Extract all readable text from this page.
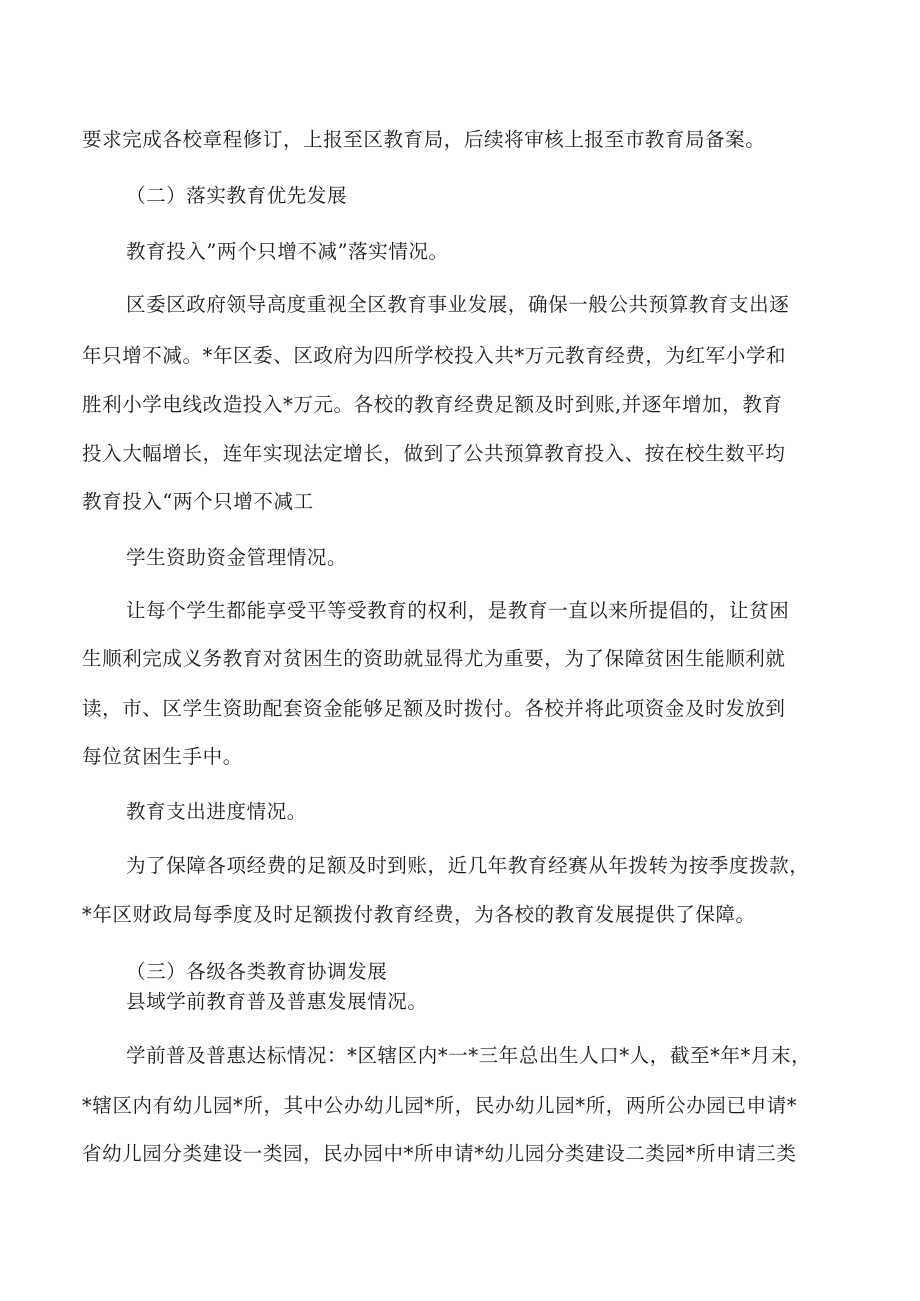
要求完成各校章程修订，上报至区教育局，后续将审核上报至市教育局备案。
（二）落实教育优先发展
教育投入”两个只增不减”落实情况。
区委区政府领导高度重视全区教育事业发展，确保一般公共预算教育支出逐
年只增不减。*年区委、区政府为四所学校投入共*万元教育经费，为红军小学和
胜利小学电线改造投入*万元。各校的教育经费足额及时到账,并逐年增加，教育
投入大幅增长，连年实现法定增长，做到了公共预算教育投入、按在校生数平均
教育投入“两个只增不减工
学生资助资金管理情况。
让每个学生都能享受平等受教育的权利，是教育一直以来所提倡的，让贫困
生顺利完成义务教育对贫困生的资助就显得尤为重要，为了保障贫困生能顺利就
读，市、区学生资助配套资金能够足额及时拨付。各校并将此项资金及时发放到
每位贫困生手中。
教育支出进度情况。
为了保障各项经费的足额及时到账，近几年教育经赛从年拨转为按季度拨款，
*年区财政局每季度及时足额拨付教育经费，为各校的教育发展提供了保障。
（三）各级各类教育协调发展
县域学前教育普及普惠发展情况。
学前普及普惠达标情况：*区辖区内*一*三年总出生人口*人，截至*年*月末，
*辖区内有幼儿园*所，其中公办幼儿园*所，民办幼儿园*所，两所公办园已申请*
省幼儿园分类建设一类园，民办园中*所申请*幼儿园分类建设二类园*所申请三类
